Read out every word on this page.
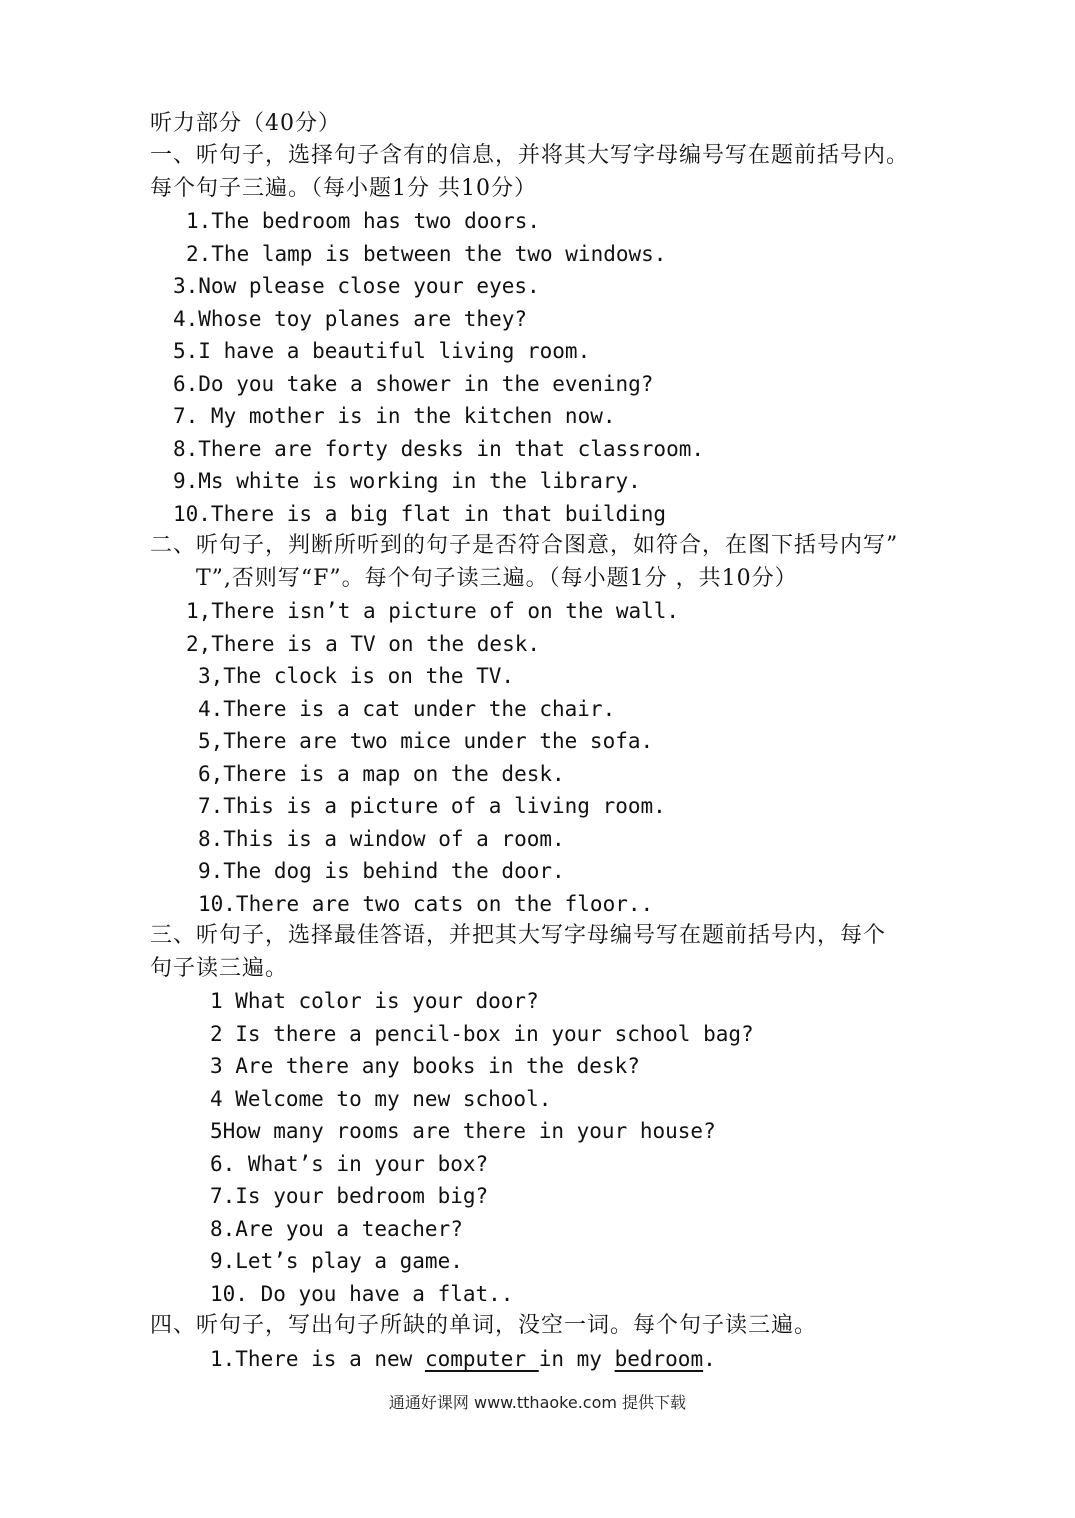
听力部分（40分）
一、听句子，选择句子含有的信息，并将其大写字母编号写在题前括号内。
每个句子三遍。（每小题1分 共10分）
1.The bedroom has two doors.
2.The lamp is between the two windows.
3.Now please close your eyes.
4.Whose toy planes are they?
5.I have a beautiful living room.
6.Do you take a shower in the evening?
7. My mother is in the kitchen now.
8.There are forty desks in that classroom.
9.Ms white is working in the library.
10.There is a big flat in that building
二、听句子，判断所听到的句子是否符合图意，如符合，在图下括号内写”
T”,否则写“F”。每个句子读三遍。（每小题1分 ，共10分）
1,There isn’t a picture of on the wall.
2,There is a TV on the desk.
3,The clock is on the TV.
4.There is a cat under the chair.
5,There are two mice under the sofa.
6,There is a map on the desk.
7.This is a picture of a living room.
8.This is a window of a room.
9.The dog is behind the door.
10.There are two cats on the floor..
三、听句子，选择最佳答语，并把其大写字母编号写在题前括号内，每个
句子读三遍。
1 What color is your door?
2 Is there a pencil-box in your school bag?
3 Are there any books in the desk?
4 Welcome to my new school.
5How many rooms are there in your house?
6. What’s in your box?
7.Is your bedroom big?
8.Are you a teacher?
9.Let’s play a game.
10. Do you have a flat..
四、听句子，写出句子所缺的单词，没空一词。每个句子读三遍。
1.There is a new computer in my bedroom.
通通好课网 www.tthaoke.com 提供下载
